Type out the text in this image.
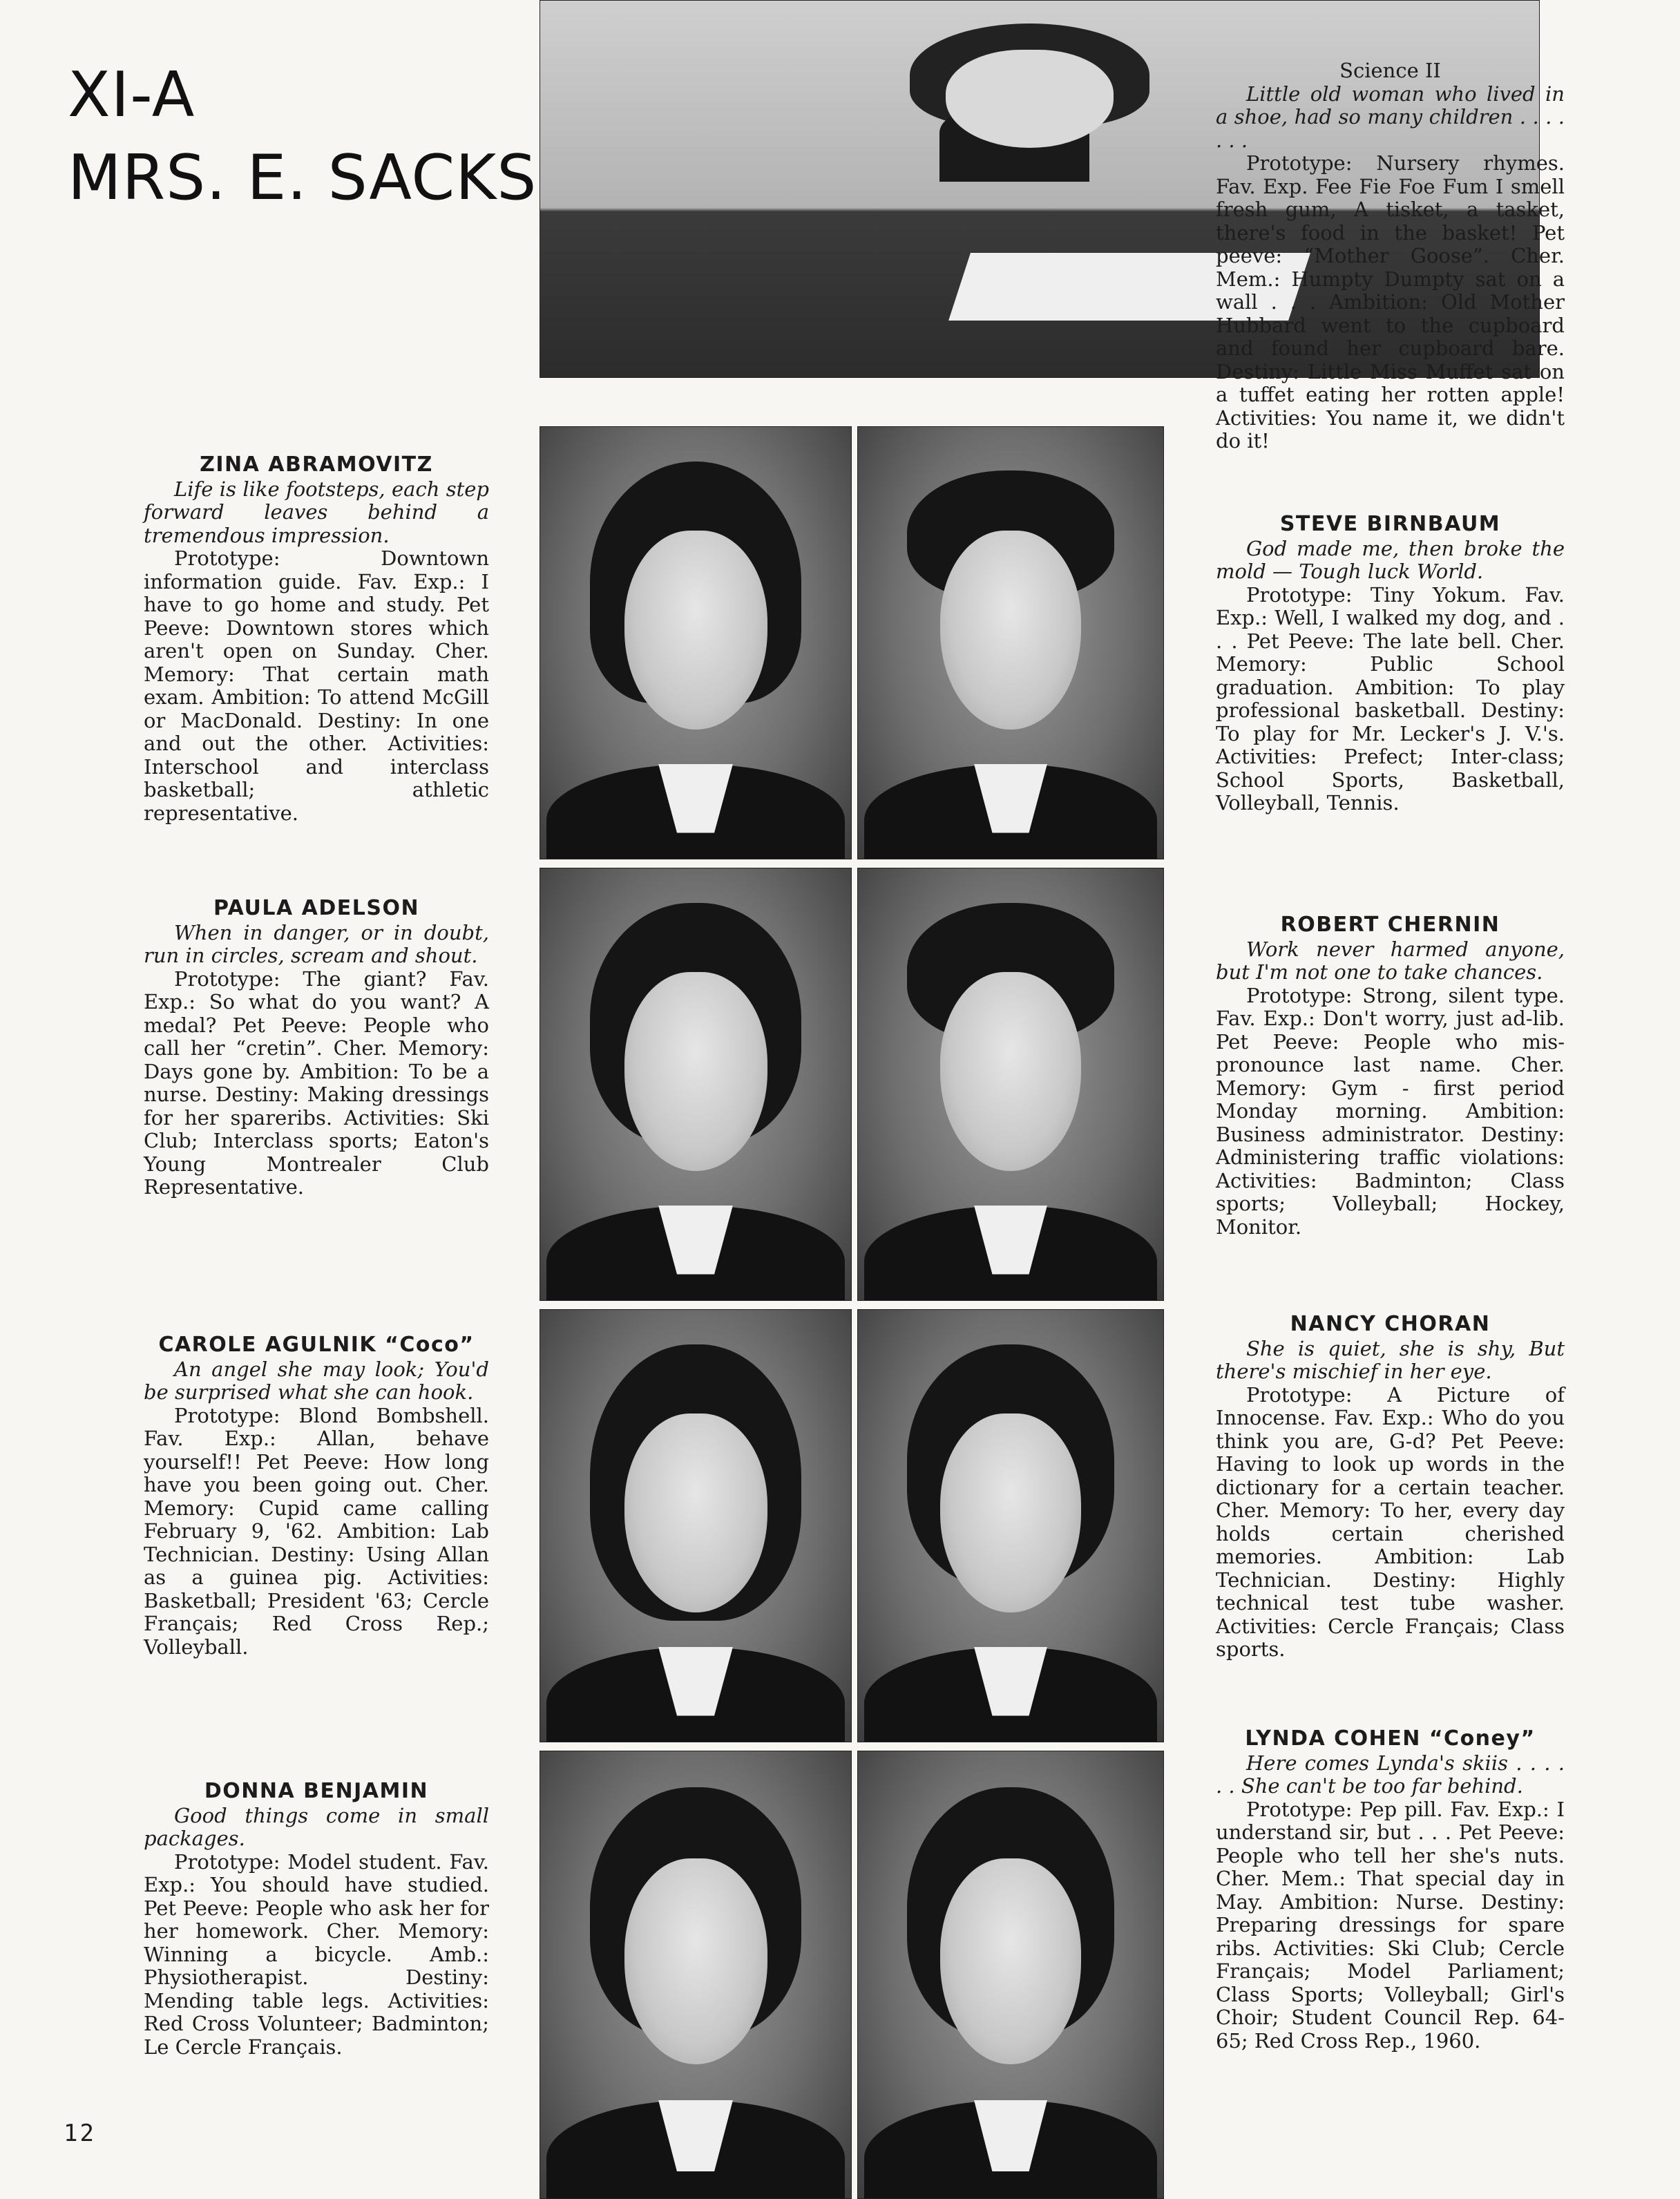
XI-A
MRS. E. SACKS
Science II
Little old woman who lived in a shoe, had so many children . . . . . . .
Prototype: Nursery rhymes. Fav. Exp. Fee Fie Foe Fum I smell fresh gum, A tisket, a tasket, there's food in the basket! Pet peeve: “Mother Goose”. Cher. Mem.: Humpty Dumpty sat on a wall . . . Ambition: Old Mother Hubbard went to the cupboard and found her cupboard bare. Destiny: Little Miss Muffet sat on a tuffet eating her rotten apple! Activities: You name it, we didn't do it!
ZINA ABRAMOVITZ
Life is like footsteps, each step forward leaves behind a tremendous impression.
Prototype: Downtown information guide. Fav. Exp.: I have to go home and study. Pet Peeve: Downtown stores which aren't open on Sunday. Cher. Memory: That certain math exam. Ambition: To attend McGill or MacDonald. Destiny: In one and out the other. Activities: Interschool and interclass basketball; athletic representative.
PAULA ADELSON
When in danger, or in doubt, run in circles, scream and shout.
Prototype: The giant? Fav. Exp.: So what do you want? A medal? Pet Peeve: People who call her “cretin”. Cher. Memory: Days gone by. Ambition: To be a nurse. Destiny: Making dressings for her spareribs. Activities: Ski Club; Interclass sports; Eaton's Young Montrealer Club Representative.
CAROLE AGULNIK “Coco”
An angel she may look; You'd be surprised what she can hook.
Prototype: Blond Bombshell. Fav. Exp.: Allan, behave yourself!! Pet Peeve: How long have you been going out. Cher. Memory: Cupid came calling February 9, '62. Ambition: Lab Technician. Destiny: Using Allan as a guinea pig. Activities: Basketball; President '63; Cercle Français; Red Cross Rep.; Volleyball.
DONNA BENJAMIN
Good things come in small packages.
Prototype: Model student. Fav. Exp.: You should have studied. Pet Peeve: People who ask her for her homework. Cher. Memory: Winning a bicycle. Amb.: Physiotherapist. Destiny: Mending table legs. Activities: Red Cross Volunteer; Badminton; Le Cercle Français.
STEVE BIRNBAUM
God made me, then broke the mold — Tough luck World.
Prototype: Tiny Yokum. Fav. Exp.: Well, I walked my dog, and . . . Pet Peeve: The late bell. Cher. Memory: Public School graduation. Ambition: To play professional basketball. Destiny: To play for Mr. Lecker's J. V.'s. Activities: Prefect; Inter-class; School Sports, Basketball, Volleyball, Tennis.
ROBERT CHERNIN
Work never harmed anyone, but I'm not one to take chances.
Prototype: Strong, silent type. Fav. Exp.: Don't worry, just ad-lib. Pet Peeve: People who mis-pronounce last name. Cher. Memory: Gym - first period Monday morning. Ambition: Business administrator. Destiny: Administering traffic violations: Activities: Badminton; Class sports; Volleyball; Hockey, Monitor.
NANCY CHORAN
She is quiet, she is shy, But there's mischief in her eye.
Prototype: A Picture of Innocense. Fav. Exp.: Who do you think you are, G-d? Pet Peeve: Having to look up words in the dictionary for a certain teacher. Cher. Memory: To her, every day holds certain cherished memories. Ambition: Lab Technician. Destiny: Highly technical test tube washer. Activities: Cercle Français; Class sports.
LYNDA COHEN “Coney”
Here comes Lynda's skiis . . . . . . She can't be too far behind.
Prototype: Pep pill. Fav. Exp.: I understand sir, but . . . Pet Peeve: People who tell her she's nuts. Cher. Mem.: That special day in May. Ambition: Nurse. Destiny: Preparing dressings for spare ribs. Activities: Ski Club; Cercle Français; Model Parliament; Class Sports; Volleyball; Girl's Choir; Student Council Rep. 64-65; Red Cross Rep., 1960.
12
